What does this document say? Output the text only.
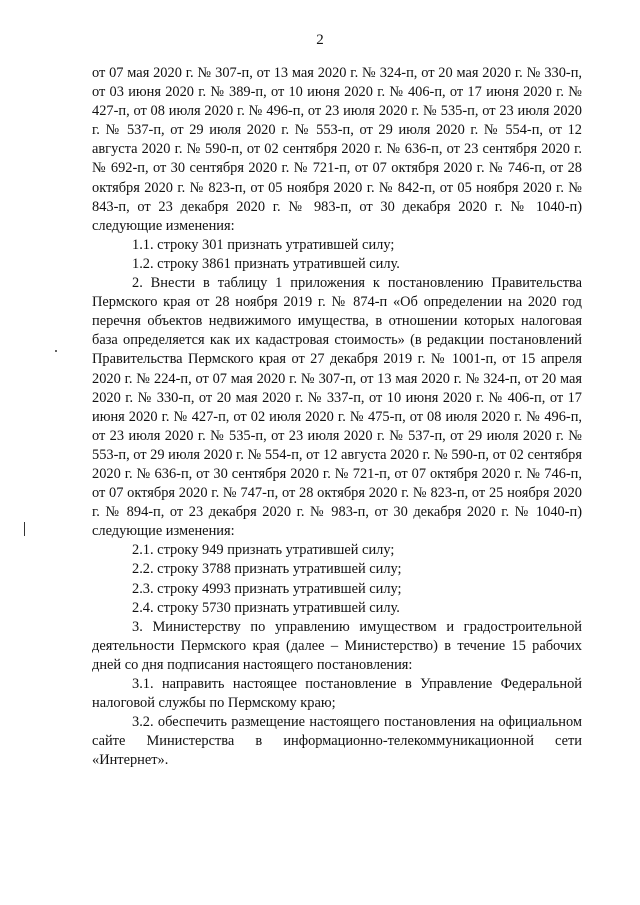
2

от 07 мая 2020 г. № 307-п, от 13 мая 2020 г. № 324-п, от 20 мая 2020 г. № 330-п, от 03 июня 2020 г. № 389-п, от 10 июня 2020 г. № 406-п, от 17 июня 2020 г. № 427-п, от 08 июля 2020 г. № 496-п, от 23 июля 2020 г. № 535-п, от 23 июля 2020 г. № 537-п, от 29 июля 2020 г. № 553-п, от 29 июля 2020 г. № 554-п, от 12 августа 2020 г. № 590-п, от 02 сентября 2020 г. № 636-п, от 23 сентября 2020 г. № 692-п, от 30 сентября 2020 г. № 721-п, от 07 октября 2020 г. № 746-п, от 28 октября 2020 г. № 823-п, от 05 ноября 2020 г. № 842-п, от 05 ноября 2020 г. № 843-п, от 23 декабря 2020 г. № 983-п, от 30 декабря 2020 г. № 1040-п) следующие изменения:

1.1. строку 301 признать утратившей силу;

1.2. строку 3861 признать утратившей силу.

2. Внести в таблицу 1 приложения к постановлению Правительства Пермского края от 28 ноября 2019 г. № 874-п «Об определении на 2020 год перечня объектов недвижимого имущества, в отношении которых налоговая база определяется как их кадастровая стоимость» (в редакции постановлений Правительства Пермского края от 27 декабря 2019 г. № 1001-п, от 15 апреля 2020 г. № 224-п, от 07 мая 2020 г. № 307-п, от 13 мая 2020 г. № 324-п, от 20 мая 2020 г. № 330-п, от 20 мая 2020 г. № 337-п, от 10 июня 2020 г. № 406-п, от 17 июня 2020 г. № 427-п, от 02 июля 2020 г. № 475-п, от 08 июля 2020 г. № 496-п, от 23 июля 2020 г. № 535-п, от 23 июля 2020 г. № 537-п, от 29 июля 2020 г. № 553-п, от 29 июля 2020 г. № 554-п, от 12 августа 2020 г. № 590-п, от 02 сентября 2020 г. № 636-п, от 30 сентября 2020 г. № 721-п, от 07 октября 2020 г. № 746-п, от 07 октября 2020 г. № 747-п, от 28 октября 2020 г. № 823-п, от 25 ноября 2020 г. № 894-п, от 23 декабря 2020 г. № 983-п, от 30 декабря 2020 г. № 1040-п) следующие изменения:

2.1. строку 949 признать утратившей силу;

2.2. строку 3788 признать утратившей силу;

2.3. строку 4993 признать утратившей силу;

2.4. строку 5730 признать утратившей силу.

3. Министерству по управлению имуществом и градостроительной деятельности Пермского края (далее – Министерство) в течение 15 рабочих дней со дня подписания настоящего постановления:

3.1. направить настоящее постановление в Управление Федеральной налоговой службы по Пермскому краю;

3.2. обеспечить размещение настоящего постановления на официальном сайте Министерства в информационно-телекоммуникационной сети «Интернет».
